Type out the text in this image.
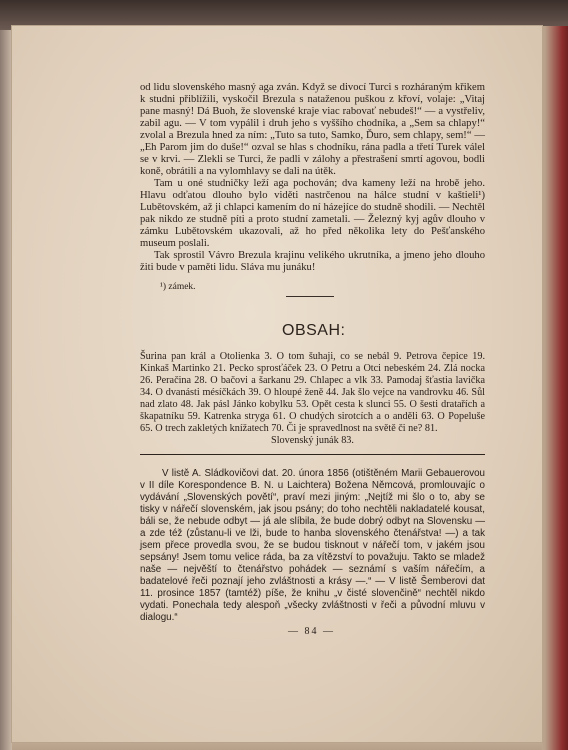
od lidu slovenského masný aga zván. Když se divocí Turci s rozháraným křikem k studni přiblížili, vyskočil Brezula s nataženou puškou z křoví, volaje: „Vitaj pane masný! Dá Buoh, že slovenské kraje viac rabovať nebudeš!“ — a vystřeliv, zabil agu. — V tom vypálil i druh jeho s vyššího chodníka, a „Sem sa chlapy!“ zvolal a Brezula hned za ním: „Tuto sa tuto, Samko, Ďuro, sem chlapy, sem!“ — „Eh Parom jim do duše!“ ozval se hlas s chodníku, rána padla a třetí Turek válel se v krvi. — Zlekli se Turci, že padli v zálohy a přestrašení smrtí agovou, bodli koně, obrátili a na vylomhlavy se dali na útěk.

Tam u oné studničky leží aga pochován; dva kameny leží na hrobě jeho. Hlavu odťatou dlouho bylo viděti nastrčenou na hálce studní v kaštieli¹) Lubětovském, až ji chlapci kamením do ní házejíce do studně shodili. — Nechtěl pak nikdo ze studně píti a proto studní zametali. — Železný kyj agův dlouho v zámku Lubětovském ukazovali, až ho před několika lety do Pešťanského museum poslali.

Tak sprostil Vávro Brezula krajinu velikého ukrutníka, a jmeno jeho dlouho žiti bude v paměti lidu. Sláva mu junáku!

¹) zámek.
OBSAH:
Šurina pan král a Otolienka 3. O tom šuhaji, co se nebál 9. Petrova čepice 19. Kinkaš Martinko 21. Pecko sprosťáček 23. O Petru a Otci nebeském 24. Zlá nocka 26. Peračina 28. O bačovi a šarkanu 29. Chlapec a vlk 33. Pamodaj šťastia lavička 34. O dvanásti mésíčkách 39. O hloupé ženě 44. Jak šlo vejce na vandrovku 46. Sůl nad zlato 48. Jak pásl Jánko kobylku 53. Opět cesta k slunci 55. O šesti dratařích a škapatníku 59. Katrenka stryga 61. O chudých sirotcích a o anděli 63. O Popeluše 65. O trech zakletých knížatech 70. Či je spravedlnost na světě či ne? 81.
Slovenský junák 83.

V listě A. Sládkovičovi dat. 20. února 1856 (otištěném Marii Gebauerovou v II díle Korespondence B. N. u Laichtera) Božena Němcová, promlouvajíc o vydávání „Slovenských povětí“, praví mezi jiným: „Nejtíž mi šlo o to, aby se tisky v nářečí slovenském, jak jsou psány; do toho nechtěli nakladatelé kousat, báli se, že nebude odbyt — já ale slíbila, že bude dobrý odbyt na Slovensku — a zde též (zůstanu-li ve lži, bude to hanba slovenského čtenářstva! —) a tak jsem přece provedla svou, že se budou tisknout v nářečí tom, v jakém jsou sepsány! Jsem tomu velice ráda, ba za vítězství to považuju. Takto se mladež naše — nejvěští to čtenářstvo pohádek — seznámí s vaším nářečím, a badatelové řeči poznají jeho zvláštnosti a krásy —.“ — V listě Šemberovi dat 11. prosince 1857 (tamtéž) píše, že knihu „v čisté slovenčině“ nechtěl nikdo vydati. Ponechala tedy alespoň „všecky zvláštnosti v řeči a původní mluvu v dialogu.“

— 84 —
